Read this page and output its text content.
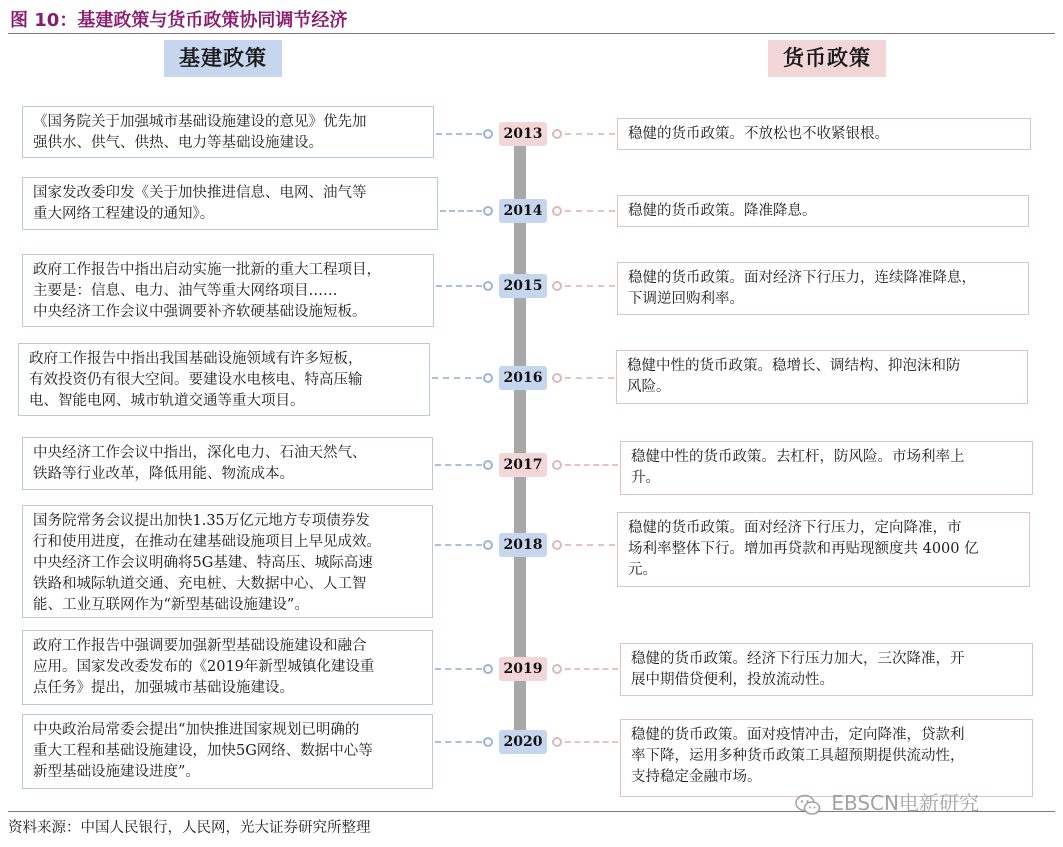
图 10：基建政策与货币政策协同调节经济
基建政策	货币政策
《国务院关于加强城市基础设施建设的意见》优先加
强供水、供气、供热、电力等基础设施建设。
稳健的货币政策。不放松也不收紧银根。
2013
国家发改委印发《关于加快推进信息、电网、油气等
重大网络工程建设的通知》。	稳健的货币政策。降准降息。
2014
政府工作报告中指出启动实施一批新的重大工程项目，
主要是：信息、电力、油气等重大网络项目……
中央经济工作会议中强调要补齐软硬基础设施短板。
稳健的货币政策。面对经济下行压力，连续降准降息，
下调逆回购利率。
2015
政府工作报告中指出我国基础设施领域有许多短板，
有效投资仍有很大空间。要建设水电核电、特高压输
电、智能电网、城市轨道交通等重大项目。
稳健中性的货币政策。稳增长、调结构、抑泡沫和防
风险。
2016
中央经济工作会议中指出，深化电力、石油天然气、
铁路等行业改革，降低用能、物流成本。
稳健中性的货币政策。去杠杆，防风险。市场利率上
升。
2017
国务院常务会议提出加快1.35万亿元地方专项债券发
行和使用进度，在推动在建基础设施项目上早见成效。
中央经济工作会议明确将5G基建、特高压、城际高速
铁路和城际轨道交通、充电桩、大数据中心、人工智
能、工业互联网作为“新型基础设施建设”。
稳健的货币政策。面对经济下行压力，定向降准，市
场利率整体下行。增加再贷款和再贴现额度共 4000 亿
元。
2018
政府工作报告中强调要加强新型基础设施建设和融合
应用。国家发改委发布的《2019年新型城镇化建设重
点任务》提出，加强城市基础设施建设。
稳健的货币政策。经济下行压力加大，三次降准，开
展中期借贷便利，投放流动性。
2019
中央政治局常委会提出“加快推进国家规划已明确的
重大工程和基础设施建设，加快5G网络、数据中心等
新型基础设施建设进度”。
稳健的货币政策。面对疫情冲击，定向降准，贷款利
率下降，运用多种货币政策工具超预期提供流动性，
支持稳定金融市场。
2020
资料来源：中国人民银行，人民网，光大证券研究所整理
EBSCN电新研究
